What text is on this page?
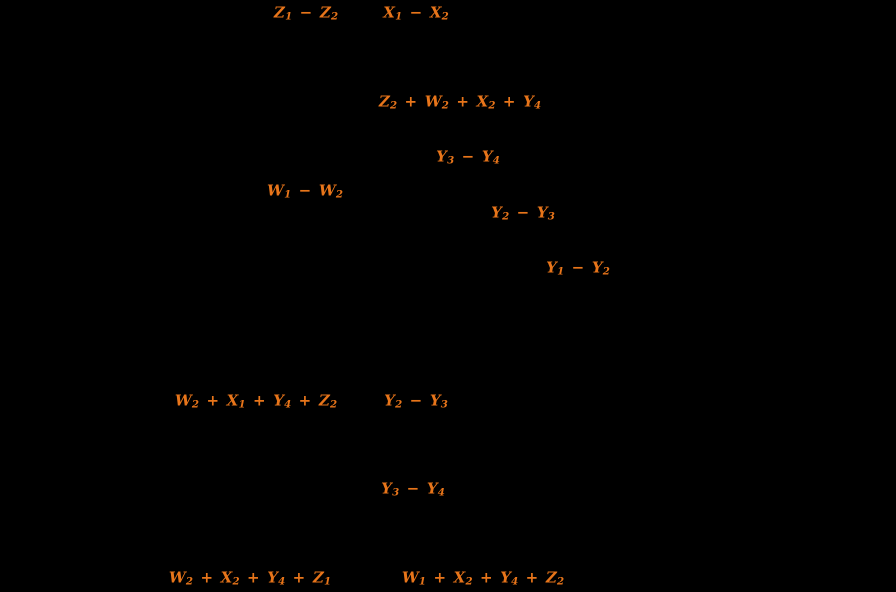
$Z_1 - Z_2$	$X_1 - X_2$
$Z_2 + W_2 + X_2 + Y_4$
$Y_3 - Y_4$
$W_1 - W_2$
$Y_2 - Y_3$
$Y_1 - Y_2$
$W_2 + X_1 + Y_4 + Z_2$	$Y_2 - Y_3$
$Y_3 - Y_4$
$W_2 + X_2 + Y_4 + Z_1$	$W_1 + X_2 + Y_4 + Z_2$
